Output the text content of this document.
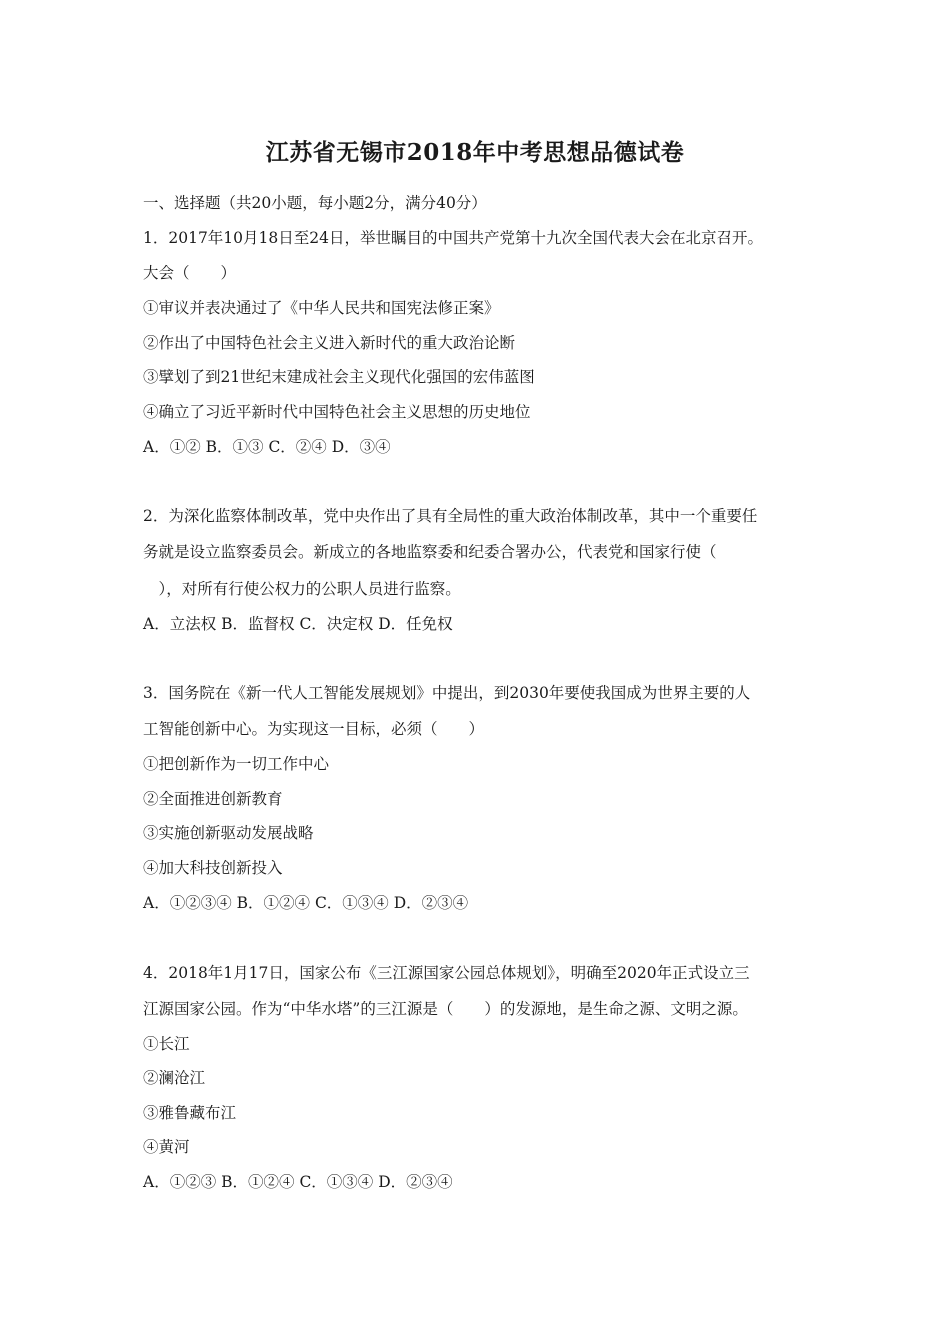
江苏省无锡市2018年中考思想品德试卷
一、选择题（共20小题，每小题2分，满分40分）
1．2017年10月18日至24日，举世瞩目的中国共产党第十九次全国代表大会在北京召开。
大会（　　）
①审议并表决通过了《中华人民共和国宪法修正案》
②作出了中国特色社会主义进入新时代的重大政治论断
③擘划了到21世纪末建成社会主义现代化强国的宏伟蓝图
④确立了习近平新时代中国特色社会主义思想的历史地位
A．①② B．①③ C．②④ D．③④
2．为深化监察体制改革，党中央作出了具有全局性的重大政治体制改革，其中一个重要任
务就是设立监察委员会。新成立的各地监察委和纪委合署办公，代表党和国家行使（
　），对所有行使公权力的公职人员进行监察。
A．立法权 B．监督权 C．决定权 D．任免权
3．国务院在《新一代人工智能发展规划》中提出，到2030年要使我国成为世界主要的人
工智能创新中心。为实现这一目标，必须（　　）
①把创新作为一切工作中心
②全面推进创新教育
③实施创新驱动发展战略
④加大科技创新投入
A．①②③④ B．①②④ C．①③④ D．②③④
4．2018年1月17日，国家公布《三江源国家公园总体规划》，明确至2020年正式设立三
江源国家公园。作为“中华水塔”的三江源是（　　）的发源地，是生命之源、文明之源。
①长江
②澜沧江
③雅鲁藏布江
④黄河
A．①②③ B．①②④ C．①③④ D．②③④
